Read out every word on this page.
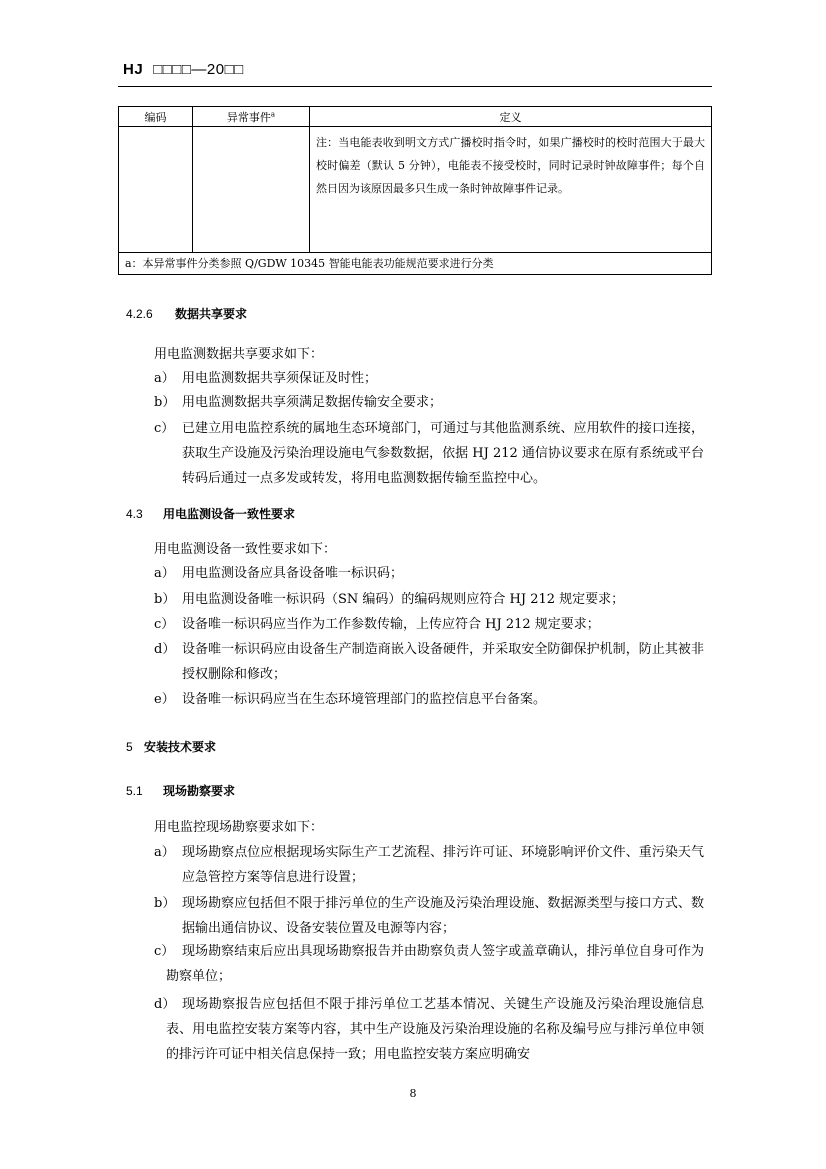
HJ □□□□—20□□
编码	异常事件$^a$	定义
		注：当电能表收到明文方式广播校时指令时，如果广播校时的校时范围大于最大校时偏差（默认 5 分钟），电能表不接受校时，同时记录时钟故障事件；每个自然日因为该原因最多只生成一条时钟故障事件记录。
a：本异常事件分类参照 Q/GDW 10345 智能电能表功能规范要求进行分类		
4.2.6 数据共享要求
用电监测数据共享要求如下：
a） 用电监测数据共享须保证及时性；
b） 用电监测数据共享须满足数据传输安全要求；
c） 已建立用电监控系统的属地生态环境部门，可通过与其他监测系统、应用软件的接口连接，获取生产设施及污染治理设施电气参数数据，依据 HJ 212 通信协议要求在原有系统或平台转码后通过一点多发或转发，将用电监测数据传输至监控中心。
4.3 用电监测设备一致性要求
用电监测设备一致性要求如下：
a） 用电监测设备应具备设备唯一标识码；
b） 用电监测设备唯一标识码（SN 编码）的编码规则应符合 HJ 212 规定要求；
c） 设备唯一标识码应当作为工作参数传输，上传应符合 HJ 212 规定要求；
d） 设备唯一标识码应由设备生产制造商嵌入设备硬件，并采取安全防御保护机制，防止其被非授权删除和修改；
e） 设备唯一标识码应当在生态环境管理部门的监控信息平台备案。
5 安装技术要求
5.1 现场勘察要求
用电监控现场勘察要求如下：
a） 现场勘察点位应根据现场实际生产工艺流程、排污许可证、环境影响评价文件、重污染天气应急管控方案等信息进行设置；
b） 现场勘察应包括但不限于排污单位的生产设施及污染治理设施、数据源类型与接口方式、数据输出通信协议、设备安装位置及电源等内容；
c） 现场勘察结束后应出具现场勘察报告并由勘察负责人签字或盖章确认，排污单位自身可作为勘察单位；
d） 现场勘察报告应包括但不限于排污单位工艺基本情况、关键生产设施及污染治理设施信息表、用电监控安装方案等内容，其中生产设施及污染治理设施的名称及编号应与排污单位申领的排污许可证中相关信息保持一致；用电监控安装方案应明确安
8
